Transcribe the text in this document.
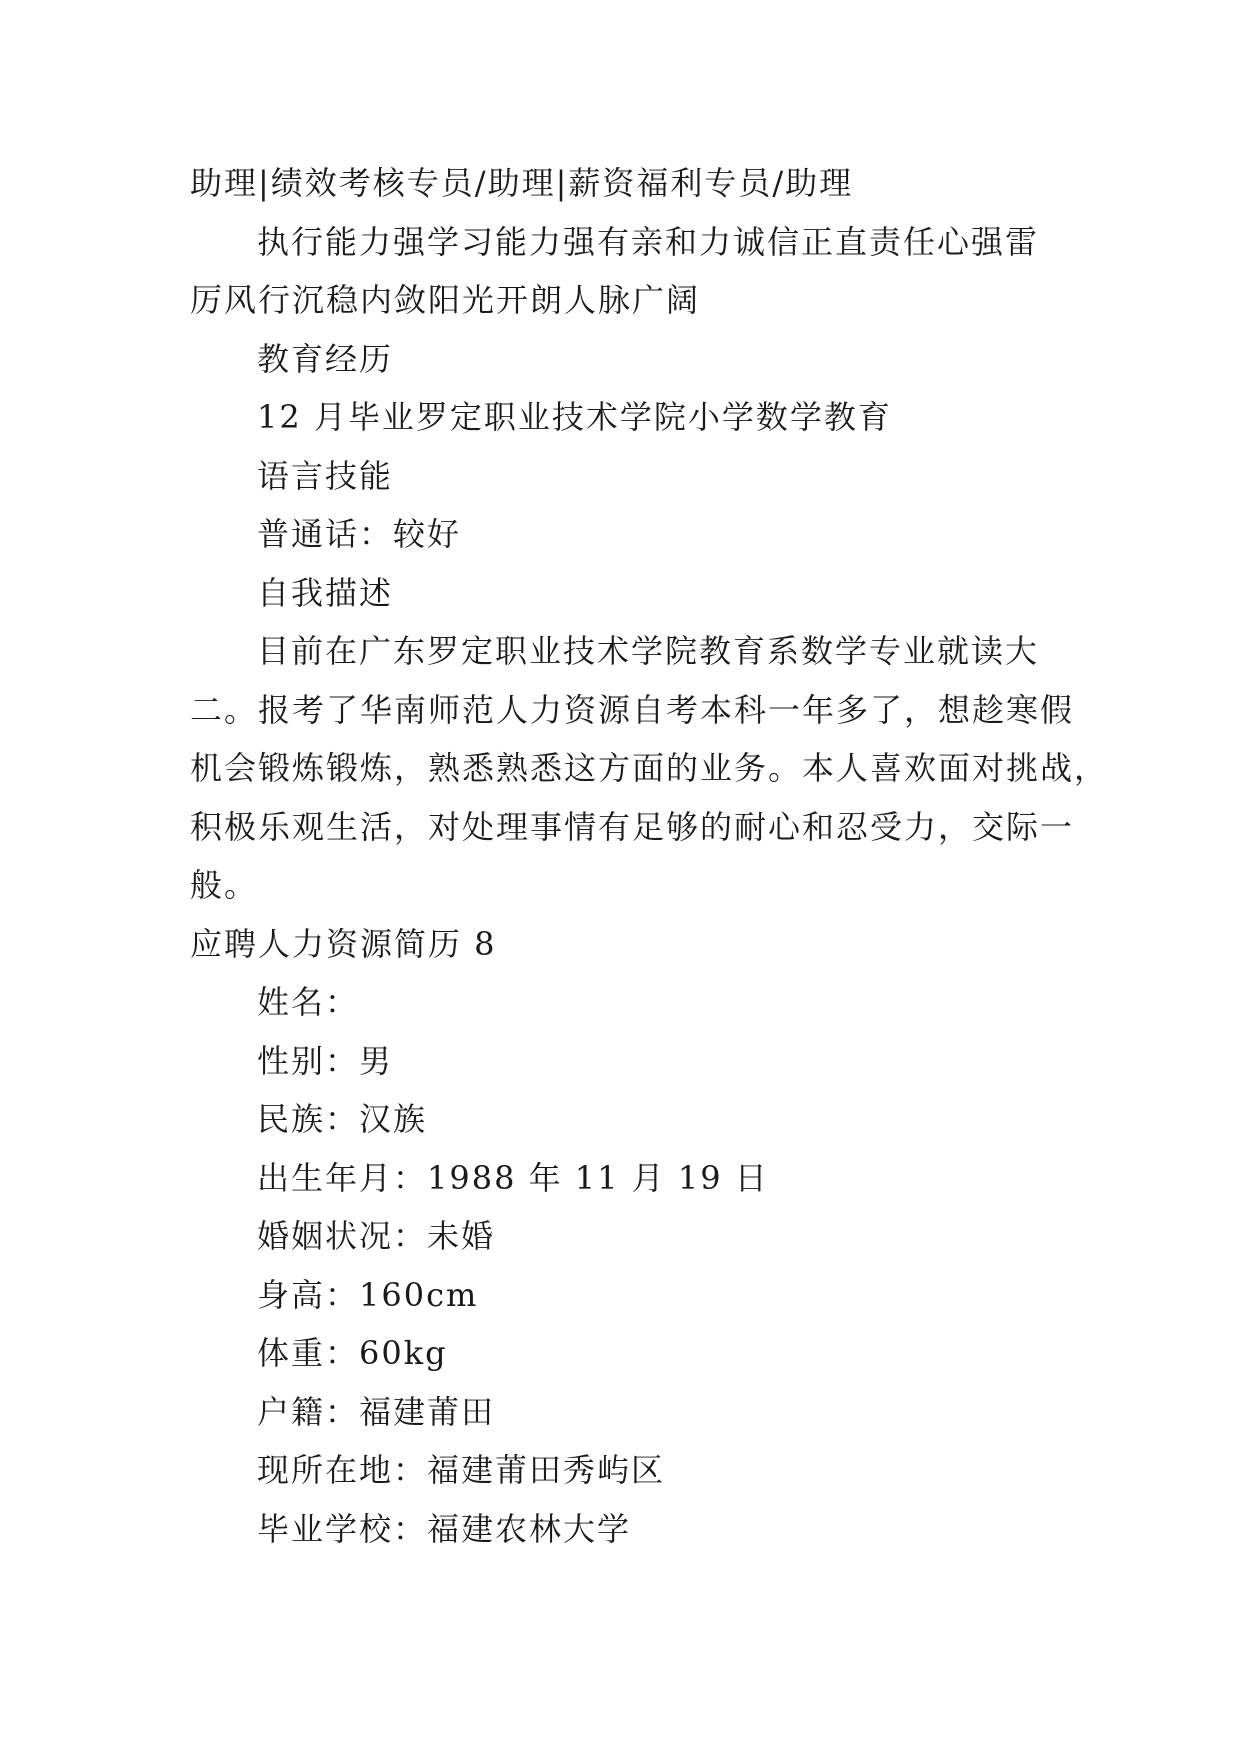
助理|绩效考核专员/助理|薪资福利专员/助理
执行能力强学习能力强有亲和力诚信正直责任心强雷
厉风行沉稳内敛阳光开朗人脉广阔
教育经历
12 月毕业罗定职业技术学院小学数学教育
语言技能
普通话：较好
自我描述
目前在广东罗定职业技术学院教育系数学专业就读大
二。报考了华南师范人力资源自考本科一年多了，想趁寒假
机会锻炼锻炼，熟悉熟悉这方面的业务。本人喜欢面对挑战，
积极乐观生活，对处理事情有足够的耐心和忍受力，交际一
般。
应聘人力资源简历 8
姓名：
性别：男
民族：汉族
出生年月：1988 年 11 月 19 日
婚姻状况：未婚
身高：160cm
体重：60kg
户籍：福建莆田
现所在地：福建莆田秀屿区
毕业学校：福建农林大学
